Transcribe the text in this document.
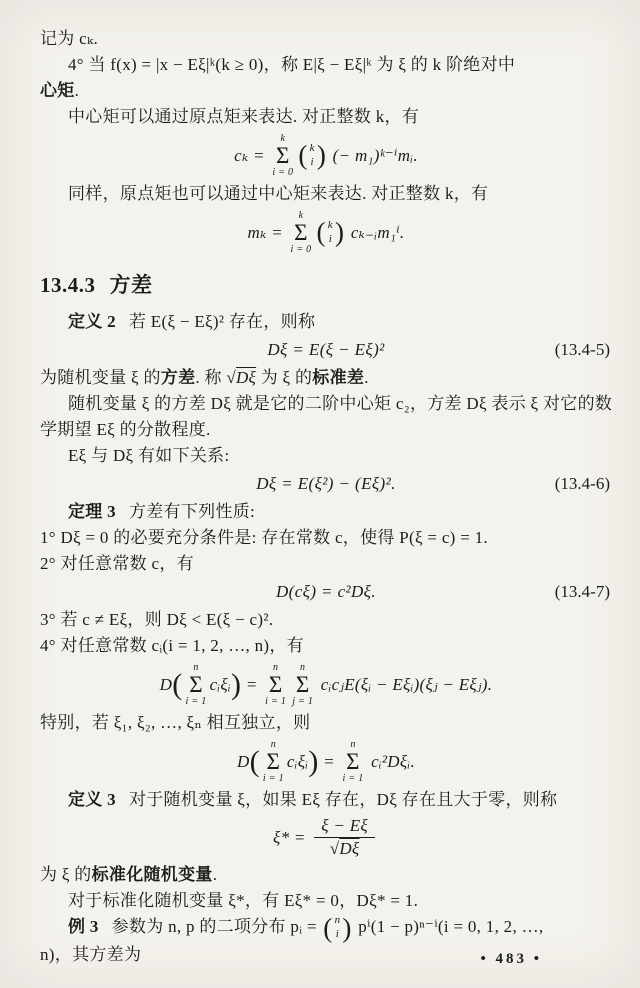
记为 cₖ.

4° 当 f(x) = |x − Eξ|ᵏ(k ≥ 0)，称 E|ξ − Eξ|ᵏ 为 ξ 的 k 阶绝对中

心矩.

中心矩可以通过原点矩来表达. 对正整数 k，有

cₖ =
k
Σ
i = 0
( k
i ) (− m₁)ᵏ⁻ⁱmᵢ.

同样，原点矩也可以通过中心矩来表达. 对正整数 k，有

mₖ =
k
Σ
i = 0
( k
i ) cₖ₋ᵢm₁ⁱ.
13.4.3 方差

定义 2 若 E(ξ − Eξ)² 存在，则称

Dξ = E(ξ − Eξ)²	(13.4-5)

为随机变量 ξ 的方差. 称 √Dξ 为 ξ 的标准差.

随机变量 ξ 的方差 Dξ 就是它的二阶中心矩 c₂，方差 Dξ 表示 ξ 对它的数

学期望 Eξ 的分散程度.

Eξ 与 Dξ 有如下关系:

Dξ = E(ξ²) − (Eξ)².	(13.4-6)

定理 3 方差有下列性质:

1° Dξ = 0 的必要充分条件是: 存在常数 c，使得 P(ξ = c) = 1.

2° 对任意常数 c，有

D(cξ) = c²Dξ.	(13.4-7)

3° 若 c ≠ Eξ，则 Dξ < E(ξ − c)².

4° 对任意常数 cᵢ(i = 1, 2, …, n)，有

D ( n
Σ
i = 1
cᵢξᵢ ) =
n
Σ
i = 1
n
Σ
j = 1
cᵢcⱼE(ξᵢ − Eξᵢ)(ξⱼ − Eξⱼ).

特别，若 ξ₁, ξ₂, …, ξₙ 相互独立，则

D ( n
Σ
i = 1
cᵢξᵢ ) =
n
Σ
i = 1
cᵢ²Dξᵢ.

定义 3 对于随机变量 ξ，如果 Eξ 存在，Dξ 存在且大于零，则称

$\xi* = \frac{\xi - E\xi}{√D\xi}$

为 ξ 的标准化随机变量.

对于标准化随机变量 ξ*，有 Eξ* = 0，Dξ* = 1.

例 3 参数为 n, p 的二项分布 pᵢ = ( n
i ) pⁱ(1 − p)ⁿ⁻ⁱ(i = 0, 1, 2, …,

n)，其方差为	• 483 •
